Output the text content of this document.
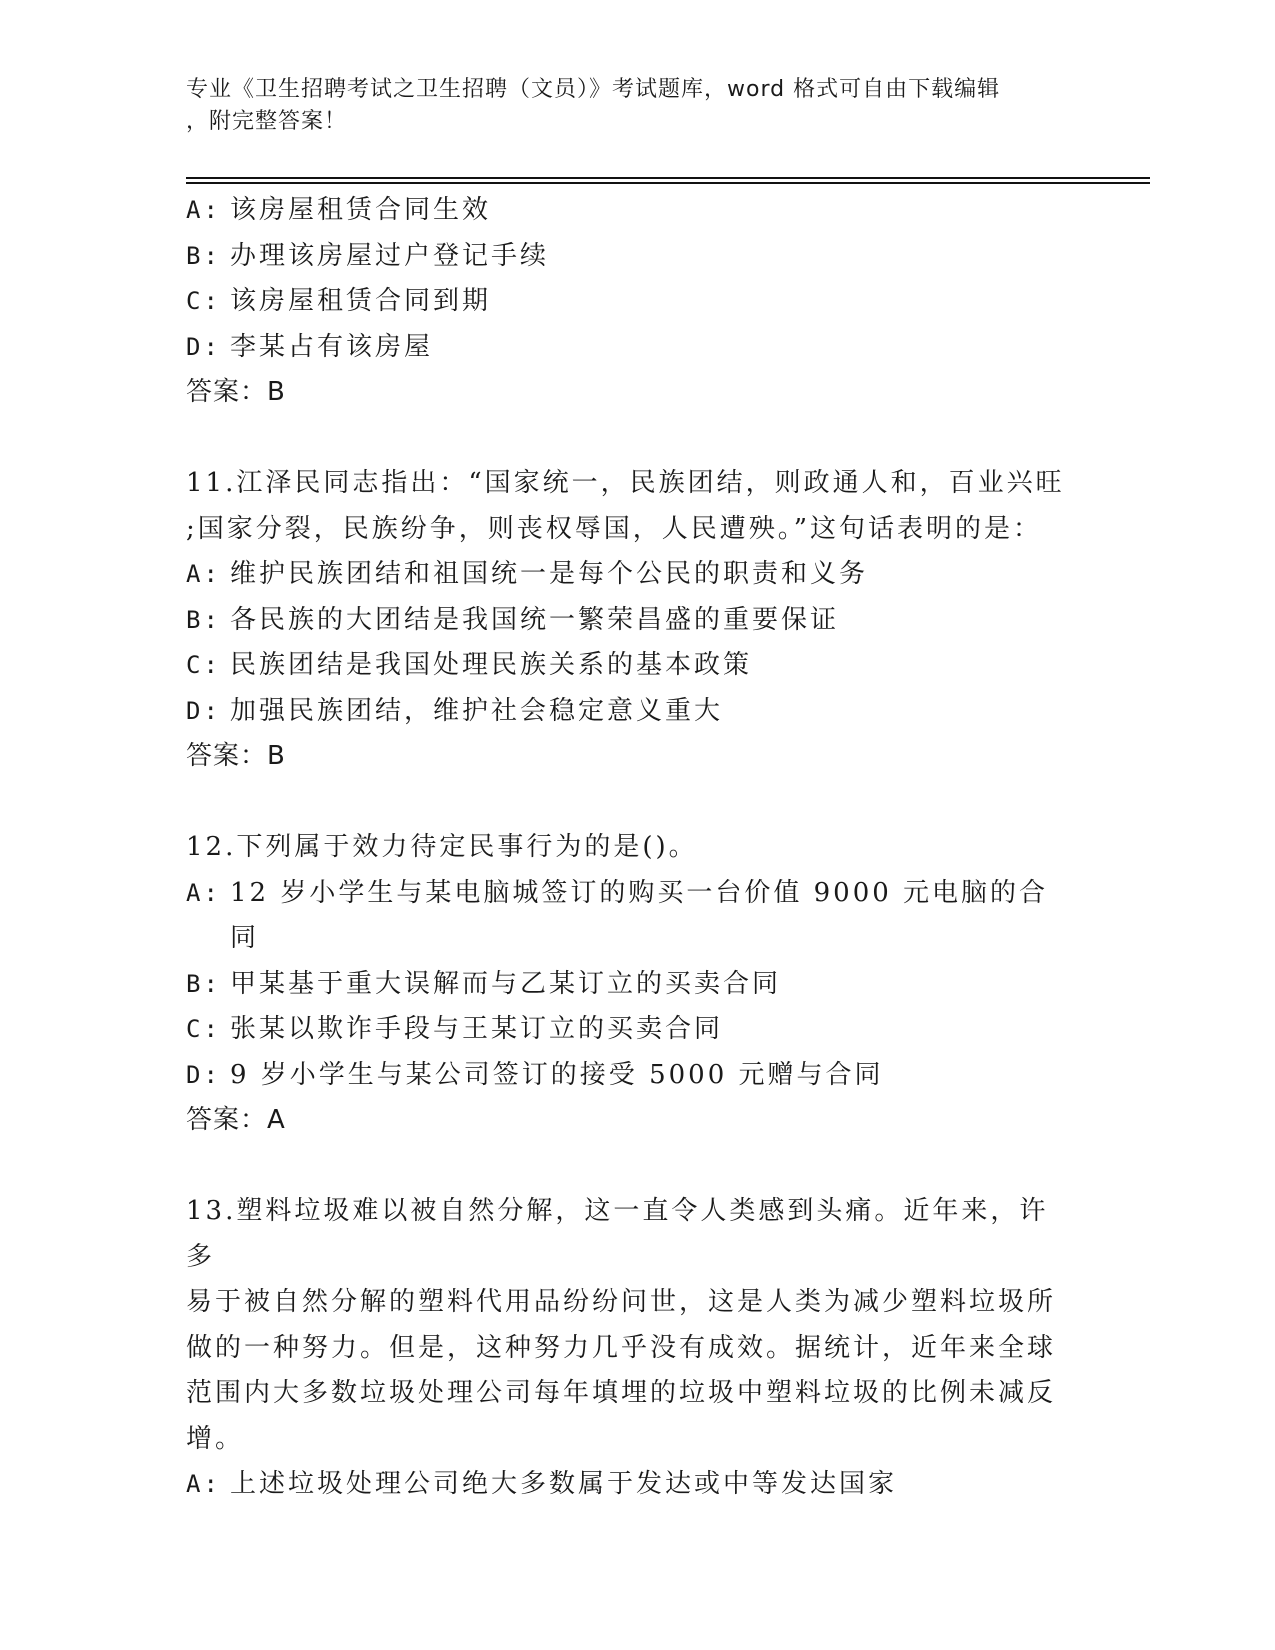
专业《卫生招聘考试之卫生招聘（文员）》考试题库，word 格式可自由下载编辑
，附完整答案！
A: 该房屋租赁合同生效
B: 办理该房屋过户登记手续
C: 该房屋租赁合同到期
D: 李某占有该房屋
答案：B
11.江泽民同志指出：“国家统一，民族团结，则政通人和，百业兴旺
;国家分裂，民族纷争，则丧权辱国，人民遭殃。”这句话表明的是：
A: 维护民族团结和祖国统一是每个公民的职责和义务
B: 各民族的大团结是我国统一繁荣昌盛的重要保证
C: 民族团结是我国处理民族关系的基本政策
D: 加强民族团结，维护社会稳定意义重大
答案：B
12.下列属于效力待定民事行为的是()。
A: 12 岁小学生与某电脑城签订的购买一台价值 9000 元电脑的合同
B: 甲某基于重大误解而与乙某订立的买卖合同
C: 张某以欺诈手段与王某订立的买卖合同
D: 9 岁小学生与某公司签订的接受 5000 元赠与合同
答案：A
13.塑料垃圾难以被自然分解，这一直令人类感到头痛。近年来，许多
易于被自然分解的塑料代用品纷纷问世，这是人类为减少塑料垃圾所
做的一种努力。但是，这种努力几乎没有成效。据统计，近年来全球
范围内大多数垃圾处理公司每年填埋的垃圾中塑料垃圾的比例未减反
增。
A: 上述垃圾处理公司绝大多数属于发达或中等发达国家
